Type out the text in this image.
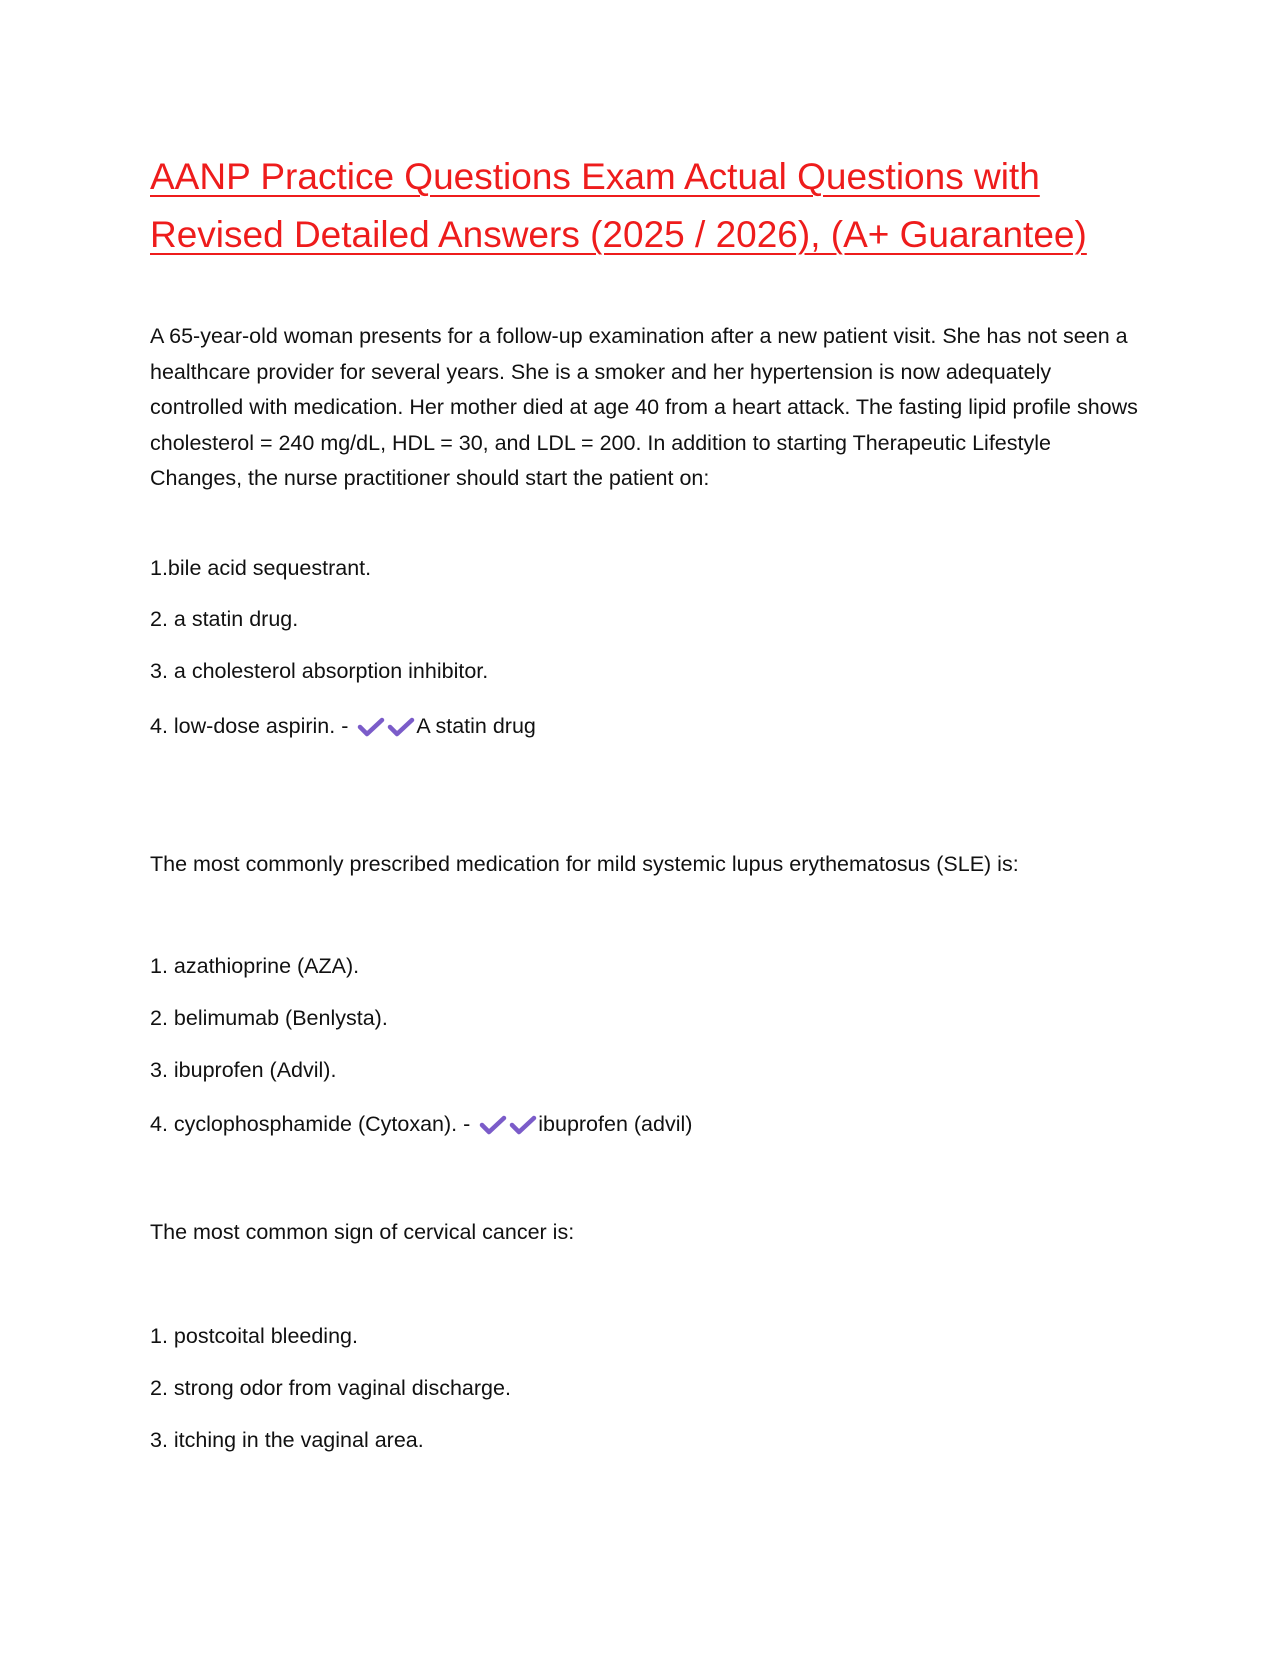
AANP Practice Questions Exam Actual Questions with Revised Detailed Answers (2025 / 2026), (A+ Guarantee)

A 65-year-old woman presents for a follow-up examination after a new patient visit. She has not seen a healthcare provider for several years. She is a smoker and her hypertension is now adequately controlled with medication. Her mother died at age 40 from a heart attack. The fasting lipid profile shows cholesterol = 240 mg/dL, HDL = 30, and LDL = 200. In addition to starting Therapeutic Lifestyle Changes, the nurse practitioner should start the patient on:

1.bile acid sequestrant.

2. a statin drug.

3. a cholesterol absorption inhibitor.

4. low-dose aspirin. -	A statin drug

The most commonly prescribed medication for mild systemic lupus erythematosus (SLE) is:

1. azathioprine (AZA).

2. belimumab (Benlysta).

3. ibuprofen (Advil).

4. cyclophosphamide (Cytoxan). -	ibuprofen (advil)

The most common sign of cervical cancer is:

1. postcoital bleeding.

2. strong odor from vaginal discharge.

3. itching in the vaginal area.
